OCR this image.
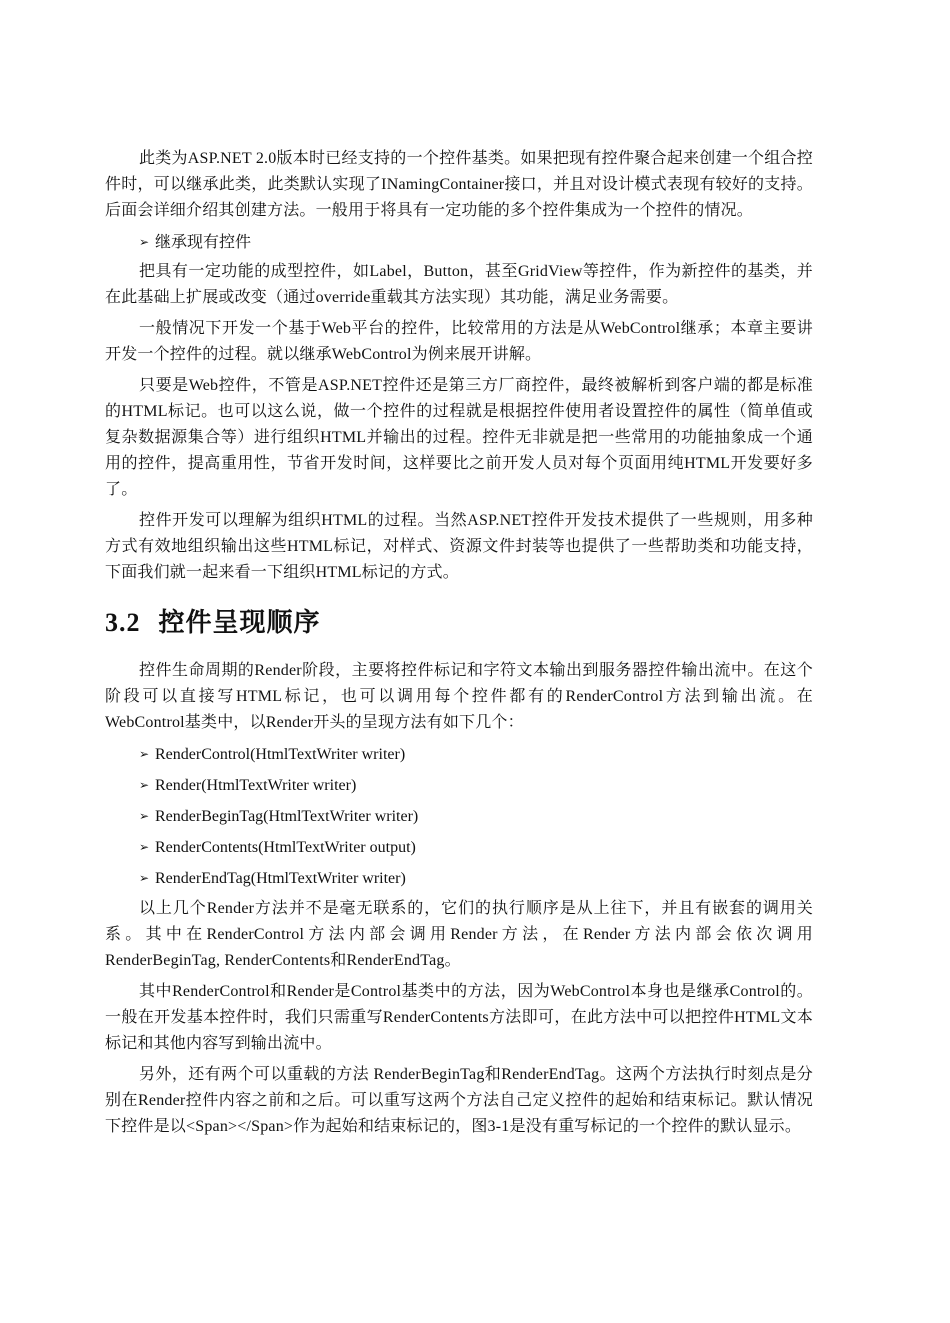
此类为ASP.NET 2.0版本时已经支持的一个控件基类。如果把现有控件聚合起来创建一个组合控件时，可以继承此类，此类默认实现了INamingContainer接口，并且对设计模式表现有较好的支持。后面会详细介绍其创建方法。一般用于将具有一定功能的多个控件集成为一个控件的情况。

➢ 继承现有控件

把具有一定功能的成型控件，如Label，Button，甚至GridView等控件，作为新控件的基类，并在此基础上扩展或改变（通过override重载其方法实现）其功能，满足业务需要。

一般情况下开发一个基于Web平台的控件，比较常用的方法是从WebControl继承；本章主要讲开发一个控件的过程。就以继承WebControl为例来展开讲解。

只要是Web控件，不管是ASP.NET控件还是第三方厂商控件，最终被解析到客户端的都是标准的HTML标记。也可以这么说，做一个控件的过程就是根据控件使用者设置控件的属性（简单值或复杂数据源集合等）进行组织HTML并输出的过程。控件无非就是把一些常用的功能抽象成一个通用的控件，提高重用性，节省开发时间，这样要比之前开发人员对每个页面用纯HTML开发要好多了。

控件开发可以理解为组织HTML的过程。当然ASP.NET控件开发技术提供了一些规则，用多种方式有效地组织输出这些HTML标记，对样式、资源文件封装等也提供了一些帮助类和功能支持，下面我们就一起来看一下组织HTML标记的方式。

3.2 控件呈现顺序

控件生命周期的Render阶段，主要将控件标记和字符文本输出到服务器控件输出流中。在这个阶段可以直接写HTML标记，也可以调用每个控件都有的RenderControl方法到输出流。在WebControl基类中，以Render开头的呈现方法有如下几个：

➢ RenderControl(HtmlTextWriter writer)
➢ Render(HtmlTextWriter writer)
➢ RenderBeginTag(HtmlTextWriter writer)
➢ RenderContents(HtmlTextWriter output)
➢ RenderEndTag(HtmlTextWriter writer)

以上几个Render方法并不是毫无联系的，它们的执行顺序是从上往下，并且有嵌套的调用关系。其中在RenderControl方法内部会调用Render方法，在Render方法内部会依次调用RenderBeginTag, RenderContents和RenderEndTag。

其中RenderControl和Render是Control基类中的方法，因为WebControl本身也是继承Control的。一般在开发基本控件时，我们只需重写RenderContents方法即可，在此方法中可以把控件HTML文本标记和其他内容写到输出流中。

另外，还有两个可以重载的方法 RenderBeginTag和RenderEndTag。这两个方法执行时刻点是分别在Render控件内容之前和之后。可以重写这两个方法自己定义控件的起始和结束标记。默认情况下控件是以<Span></Span>作为起始和结束标记的，图3-1是没有重写标记的一个控件的默认显示。
